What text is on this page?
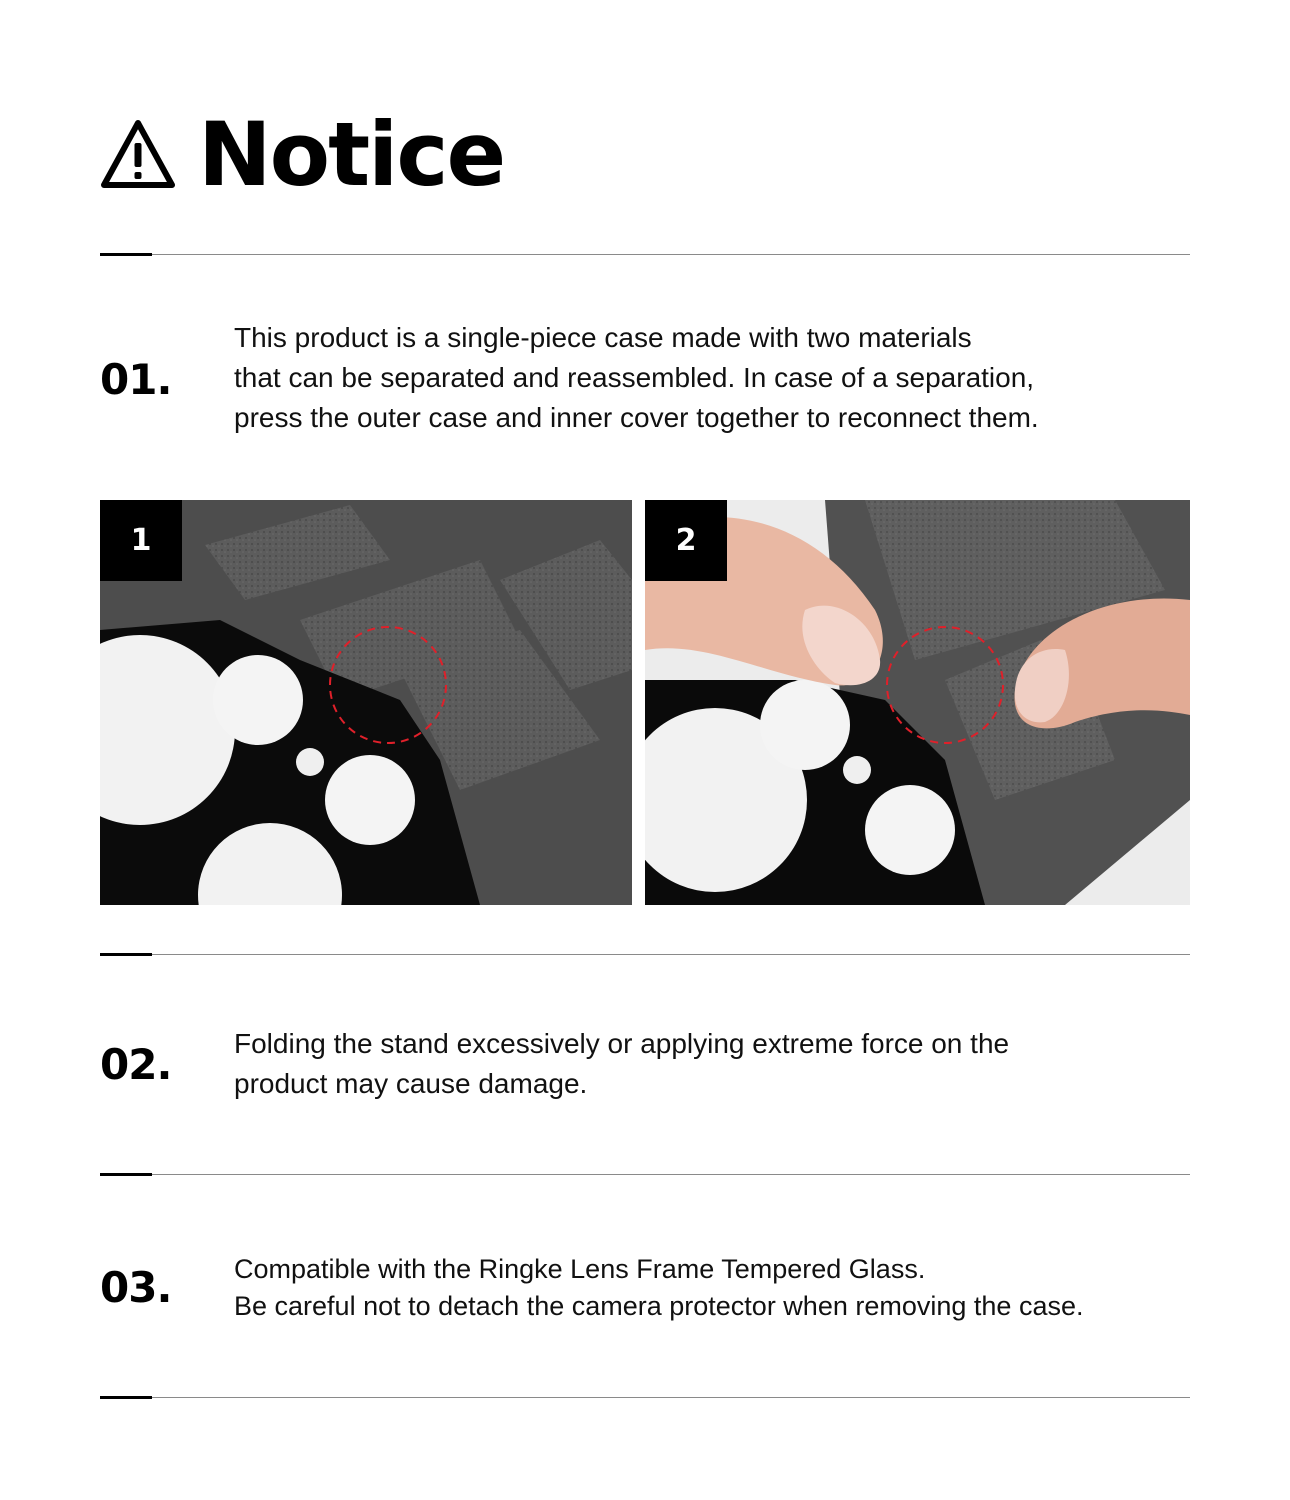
Notice
01.
This product is a single-piece case made with two materials
that can be separated and reassembled. In case of a separation,
press the outer case and inner cover together to reconnect them.
1	2
02.	Folding the stand excessively or applying extreme force on the
product may cause damage.
03.	Compatible with the Ringke Lens Frame Tempered Glass.
Be careful not to detach the camera protector when removing the case.
